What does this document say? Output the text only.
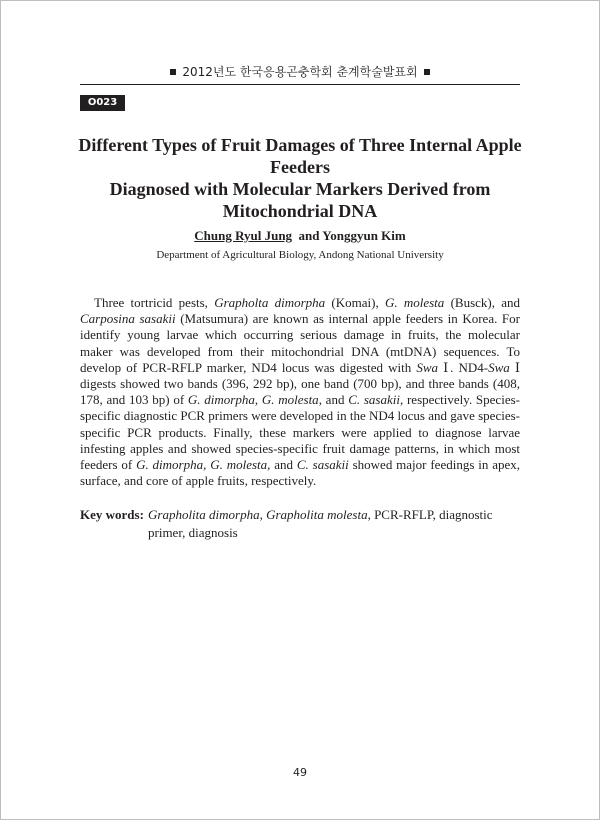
2012년도 한국응용곤충학회 춘계학술발표회
O023
Different Types of Fruit Damages of Three Internal Apple Feeders
Diagnosed with Molecular Markers Derived from
Mitochondrial DNA
Chung Ryul Jung and Yonggyun Kim
Department of Agricultural Biology, Andong National University

Three tortricid pests, Grapholta dimorpha (Komai), G. molesta (Busck), and Carposina sasakii (Matsumura) are known as internal apple feeders in Korea. For identify young larvae which occurring serious damage in fruits, the molecular maker was developed from their mitochondrial DNA (mtDNA) sequences. To develop of PCR-RFLP marker, ND4 locus was digested with Swa Ⅰ. ND4-Swa Ⅰ digests showed two bands (396, 292 bp), one band (700 bp), and three bands (408, 178, and 103 bp) of G. dimorpha, G. molesta, and C. sasakii, respectively. Species-specific diagnostic PCR primers were developed in the ND4 locus and gave species-specific PCR products. Finally, these markers were applied to diagnose larvae infesting apples and showed species-specific fruit damage patterns, in which most feeders of G. dimorpha, G. molesta, and C. sasakii showed major feedings in apex, surface, and core of apple fruits, respectively.

Key words: Grapholita dimorpha, Grapholita molesta, PCR-RFLP, diagnostic primer, diagnosis
49
